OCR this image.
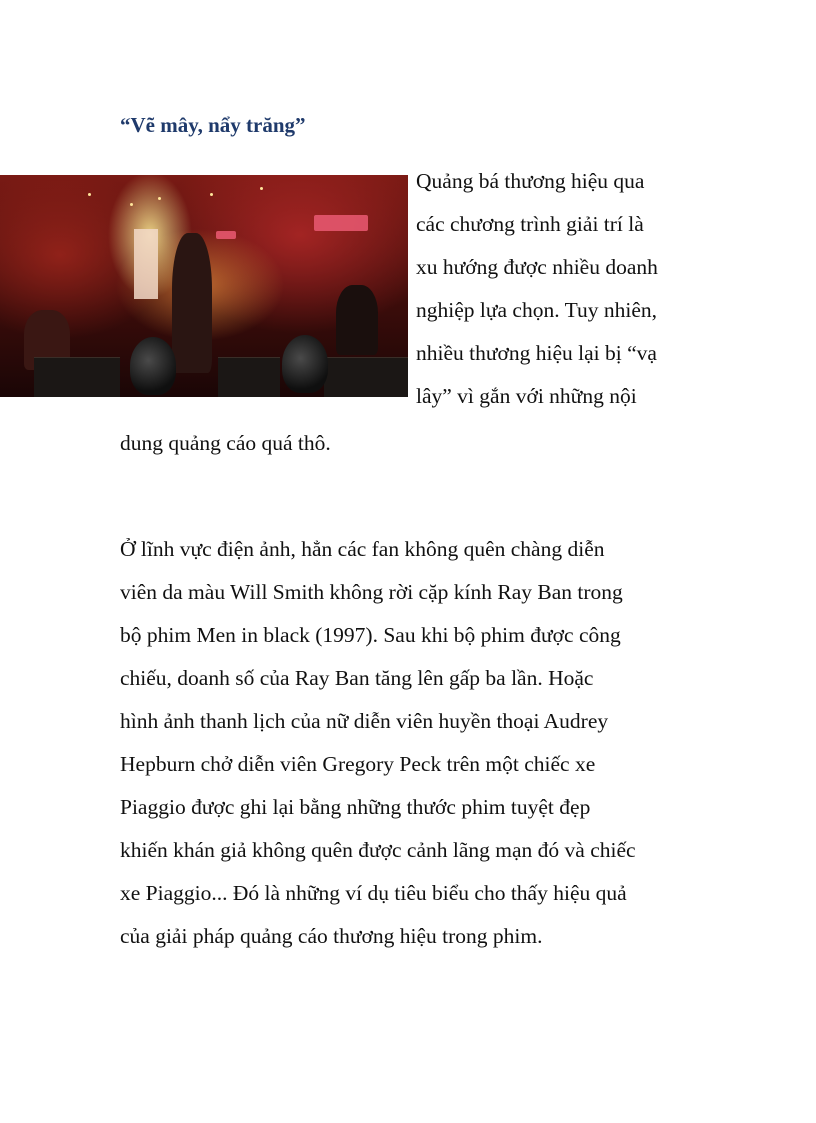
“Vẽ mây, nẩy trăng”
Quảng bá thương hiệu qua
các chương trình giải trí là
xu hướng được nhiều doanh
nghiệp lựa chọn. Tuy nhiên,
nhiều thương hiệu lại bị “vạ
lây” vì gắn với những nội
dung quảng cáo quá thô.
Ở lĩnh vực điện ảnh, hẳn các fan không quên chàng diễn
viên da màu Will Smith không rời cặp kính Ray Ban trong
bộ phim Men in black (1997). Sau khi bộ phim được công
chiếu, doanh số của Ray Ban tăng lên gấp ba lần. Hoặc
hình ảnh thanh lịch của nữ diễn viên huyền thoại Audrey
Hepburn chở diễn viên Gregory Peck trên một chiếc xe
Piaggio được ghi lại bằng những thước phim tuyệt đẹp
khiến khán giả không quên được cảnh lãng mạn đó và chiếc
xe Piaggio... Đó là những ví dụ tiêu biểu cho thấy hiệu quả
của giải pháp quảng cáo thương hiệu trong phim.
